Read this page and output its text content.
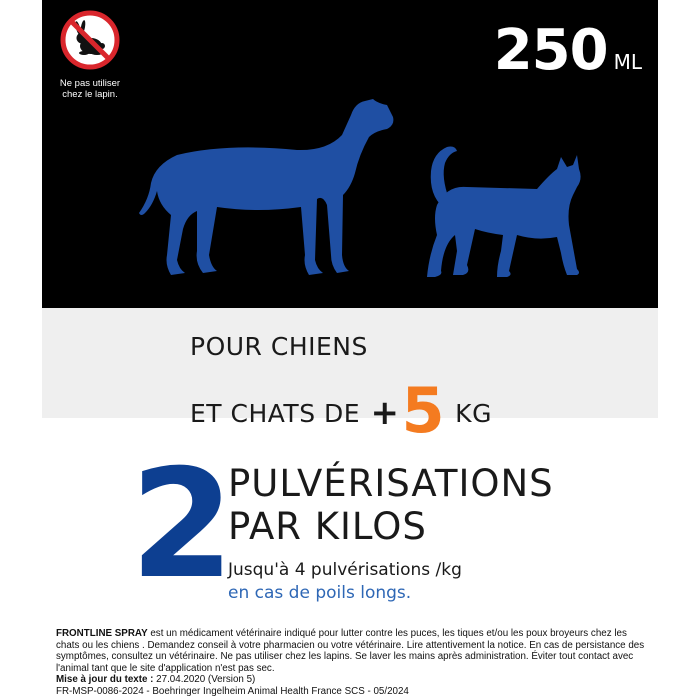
Ne pas utiliser
chez le lapin.
250 ML
POUR CHIENS
ET CHATS DE +5 KG
2
PULVÉRISATIONS
PAR KILOS
Jusqu'à 4 pulvérisations /kg
en cas de poils longs.

FRONTLINE SPRAY est un médicament vétérinaire indiqué pour lutter contre les puces, les tiques et/ou les poux broyeurs chez les chats ou les chiens . Demandez conseil à votre pharmacien ou votre vétérinaire. Lire attentivement la notice. En cas de persistance des symptômes, consultez un vétérinaire. Ne pas utiliser chez les lapins. Se laver les mains après administration. Éviter tout contact avec l'animal tant que le site d'application n'est pas sec.

Mise à jour du texte : 27.04.2020 (Version 5)

FR-MSP-0086-2024 - Boehringer Ingelheim Animal Health France SCS - 05/2024
